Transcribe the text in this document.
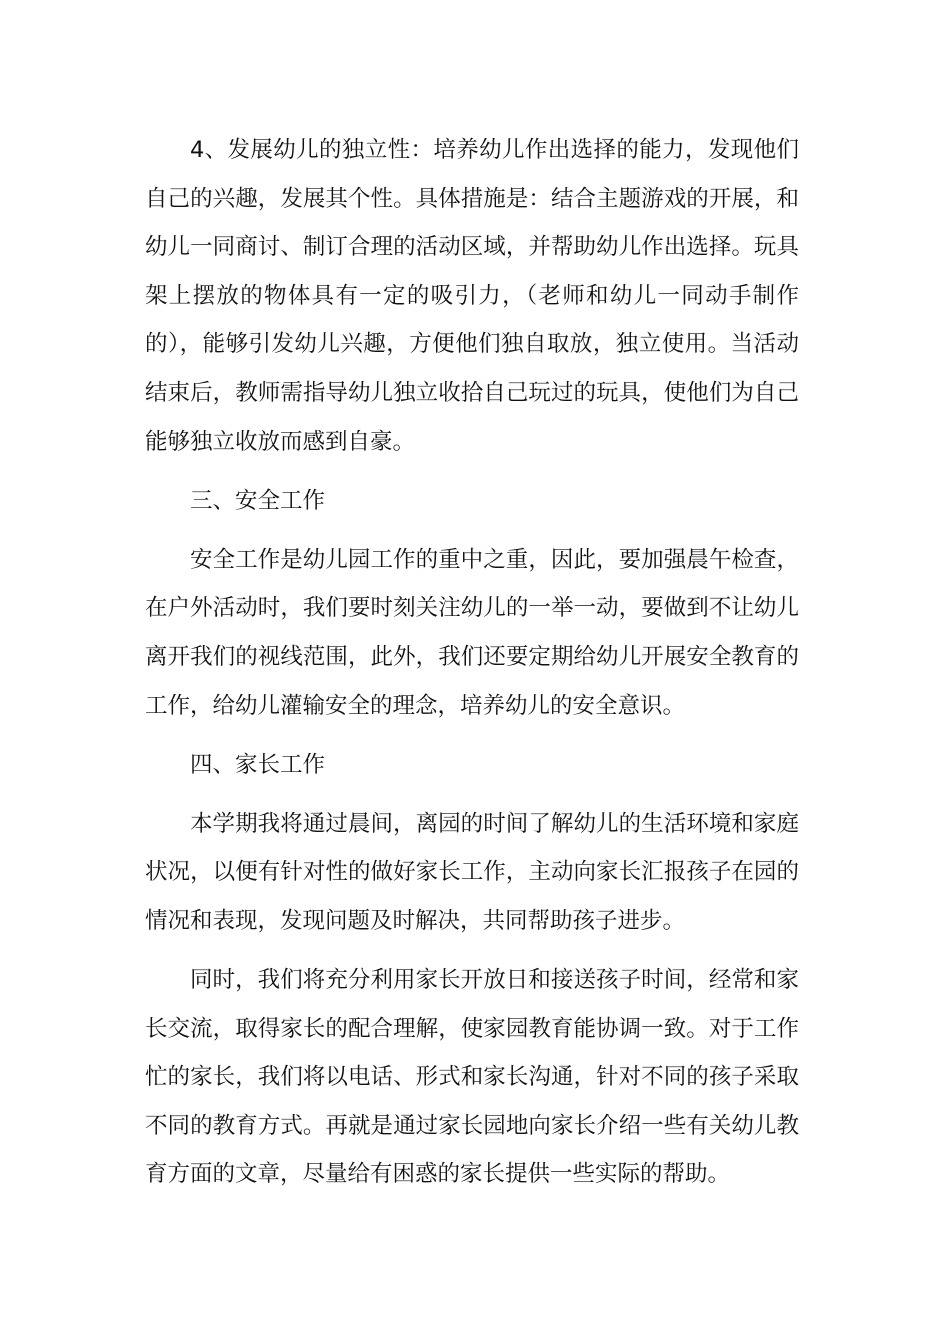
4、发展幼儿的独立性：培养幼儿作出选择的能力，发现他们自己的兴趣，发展其个性。具体措施是：结合主题游戏的开展，和幼儿一同商讨、制订合理的活动区域，并帮助幼儿作出选择。玩具架上摆放的物体具有一定的吸引力，（老师和幼儿一同动手制作的），能够引发幼儿兴趣，方便他们独自取放，独立使用。当活动结束后，教师需指导幼儿独立收拾自己玩过的玩具，使他们为自己能够独立收放而感到自豪。

三、安全工作

安全工作是幼儿园工作的重中之重，因此，要加强晨午检查，在户外活动时，我们要时刻关注幼儿的一举一动，要做到不让幼儿离开我们的视线范围，此外，我们还要定期给幼儿开展安全教育的工作，给幼儿灌输安全的理念，培养幼儿的安全意识。

四、家长工作

本学期我将通过晨间，离园的时间了解幼儿的生活环境和家庭状况，以便有针对性的做好家长工作，主动向家长汇报孩子在园的情况和表现，发现问题及时解决，共同帮助孩子进步。

同时，我们将充分利用家长开放日和接送孩子时间，经常和家长交流，取得家长的配合理解，使家园教育能协调一致。对于工作忙的家长，我们将以电话、形式和家长沟通，针对不同的孩子采取不同的教育方式。再就是通过家长园地向家长介绍一些有关幼儿教育方面的文章，尽量给有困惑的家长提供一些实际的帮助。
